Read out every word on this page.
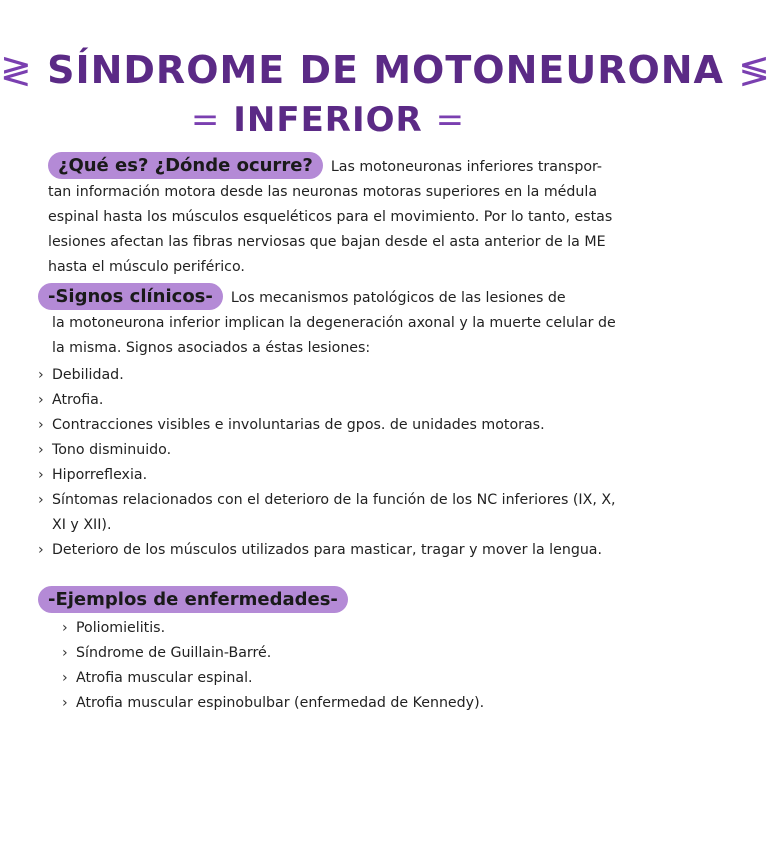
≷ SÍNDROME DE MOTONEURONA ≶
= INFERIOR =
¿Qué es? ¿Dónde ocurre? Las motoneuronas inferiores transpor- tan información motora desde las neuronas motoras superiores en la médula espinal hasta los músculos esqueléticos para el movimiento. Por lo tanto, estas lesiones afectan las fibras nerviosas que bajan desde el asta anterior de la ME hasta el músculo periférico.
-Signos clínicos- Los mecanismos patológicos de las lesiones de
la motoneurona inferior implican la degeneración axonal y la muerte celular de la misma. Signos asociados a éstas lesiones:
› Debilidad.
› Atrofia.
› Contracciones visibles e involuntarias de gpos. de unidades motoras.
› Tono disminuido.
› Hiporreflexia.
› Síntomas relacionados con el deterioro de la función de los NC inferiores (IX, X, XI y XII).
› Deterioro de los músculos utilizados para masticar, tragar y mover la lengua.
-Ejemplos de enfermedades-
› Poliomielitis.
› Síndrome de Guillain-Barré.
› Atrofia muscular espinal.
› Atrofia muscular espinobulbar (enfermedad de Kennedy).
